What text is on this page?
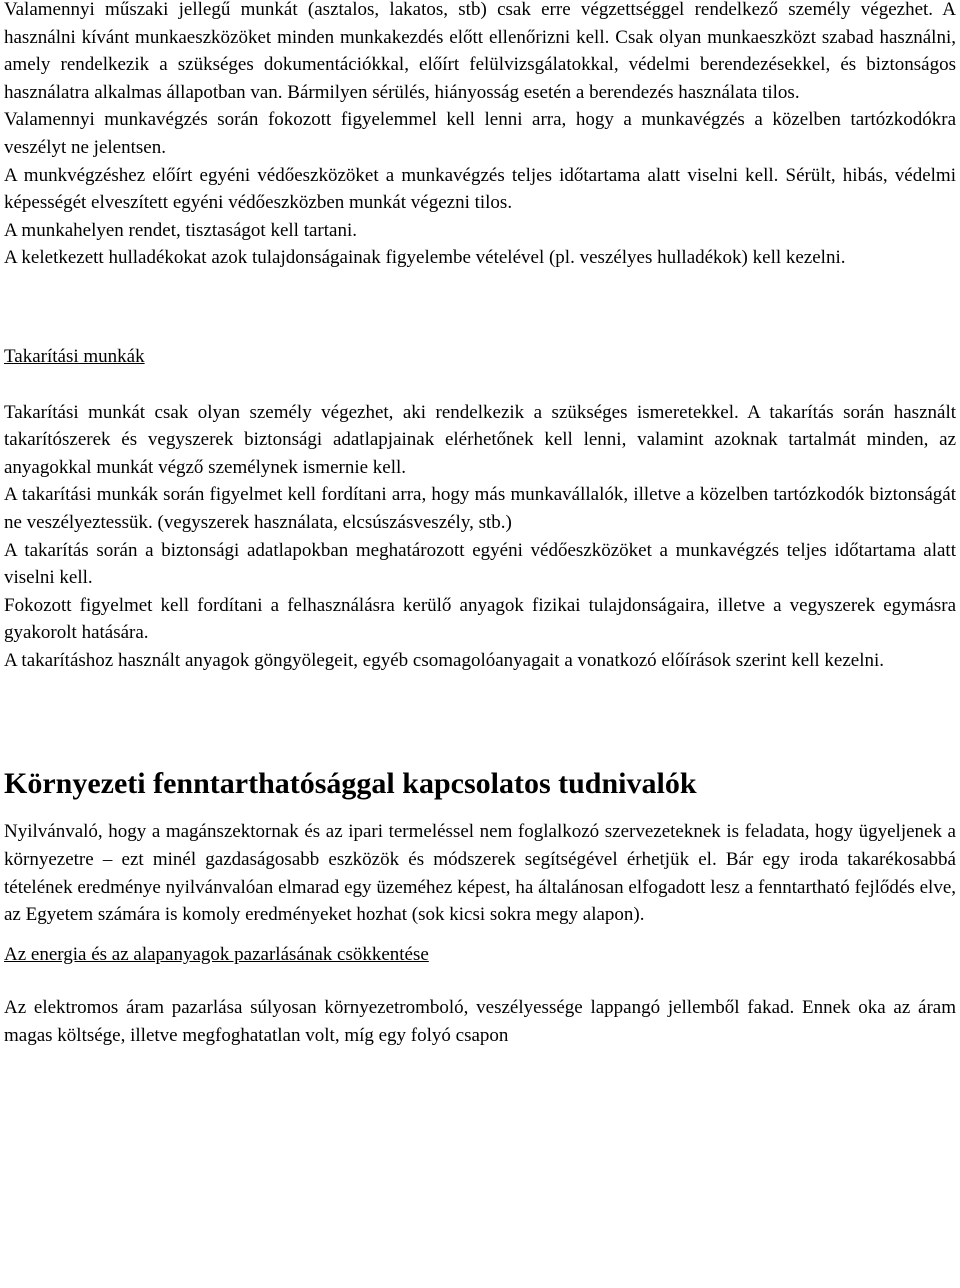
Valamennyi műszaki jellegű munkát (asztalos, lakatos, stb) csak erre végzettséggel rendelkező személy végezhet. A használni kívánt munkaeszközöket minden munkakezdés előtt ellenőrizni kell. Csak olyan munkaeszközt szabad használni, amely rendelkezik a szükséges dokumentációkkal, előírt felülvizsgálatokkal, védelmi berendezésekkel, és biztonságos használatra alkalmas állapotban van. Bármilyen sérülés, hiányosság esetén a berendezés használata tilos.

Valamennyi munkavégzés során fokozott figyelemmel kell lenni arra, hogy a munkavégzés a közelben tartózkodókra veszélyt ne jelentsen.

A munkvégzéshez előírt egyéni védőeszközöket a munkavégzés teljes időtartama alatt viselni kell. Sérült, hibás, védelmi képességét elveszített egyéni védőeszközben munkát végezni tilos.

A munkahelyen rendet, tisztaságot kell tartani.

A keletkezett hulladékokat azok tulajdonságainak figyelembe vételével (pl. veszélyes hulladékok) kell kezelni.

Takarítási munkák

Takarítási munkát csak olyan személy végezhet, aki rendelkezik a szükséges ismeretekkel. A takarítás során használt takarítószerek és vegyszerek biztonsági adatlapjainak elérhetőnek kell lenni, valamint azoknak tartalmát minden, az anyagokkal munkát végző személynek ismernie kell.

A takarítási munkák során figyelmet kell fordítani arra, hogy más munkavállalók, illetve a közelben tartózkodók biztonságát ne veszélyeztessük. (vegyszerek használata, elcsúszásveszély, stb.)

A takarítás során a biztonsági adatlapokban meghatározott egyéni védőeszközöket a munkavégzés teljes időtartama alatt viselni kell.

Fokozott figyelmet kell fordítani a felhasználásra kerülő anyagok fizikai tulajdonságaira, illetve a vegyszerek egymásra gyakorolt hatására.

A takarításhoz használt anyagok göngyölegeit, egyéb csomagolóanyagait a vonatkozó előírások szerint kell kezelni.

Környezeti fenntarthatósággal kapcsolatos tudnivalók

Nyilvánvaló, hogy a magánszektornak és az ipari termeléssel nem foglalkozó szervezeteknek is feladata, hogy ügyeljenek a környezetre – ezt minél gazdaságosabb eszközök és módszerek segítségével érhetjük el. Bár egy iroda takarékosabbá tételének eredménye nyilvánvalóan elmarad egy üzeméhez képest, ha általánosan elfogadott lesz a fenntartható fejlődés elve, az Egyetem számára is komoly eredményeket hozhat (sok kicsi sokra megy alapon).

Az energia és az alapanyagok pazarlásának csökkentése

Az elektromos áram pazarlása súlyosan környezetromboló, veszélyessége lappangó jellemből fakad. Ennek oka az áram magas költsége, illetve megfoghatatlan volt, míg egy folyó csapon
